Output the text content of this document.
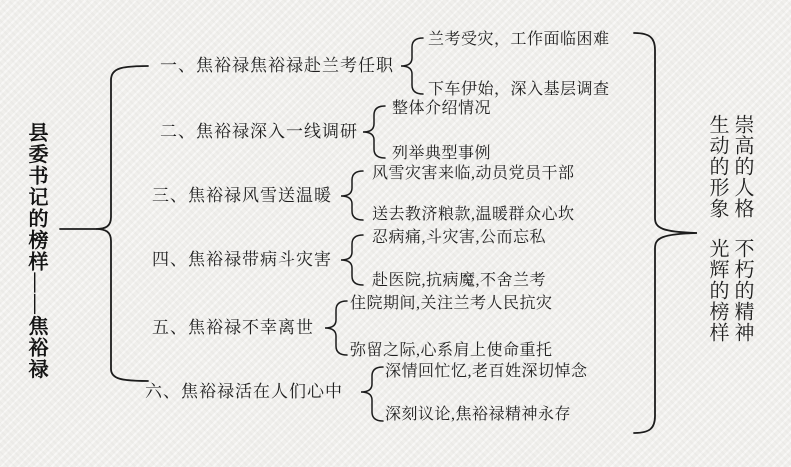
县委书记的榜样——焦裕禄
一、焦裕禄焦裕禄赴兰考任职
二、焦裕禄深入一线调研
三、焦裕禄风雪送温暖
四、焦裕禄带病斗灾害
五、焦裕禄不幸离世
六、焦裕禄活在人们心中
兰考受灾，工作面临困难
下车伊始，深入基层调查
整体介绍情况
列举典型事例
风雪灾害来临,动员党员干部
送去教济粮款,温暖群众心坎
忍病痛,斗灾害,公而忘私
赴医院,抗病魔,不舍兰考
住院期间,关注兰考人民抗灾
弥留之际,心系肩上使命重托
深情回忙忆,老百姓深切悼念
深刻议论,焦裕禄精神永存
崇高的人格
生动的形象
不朽的精神
光辉的榜样
